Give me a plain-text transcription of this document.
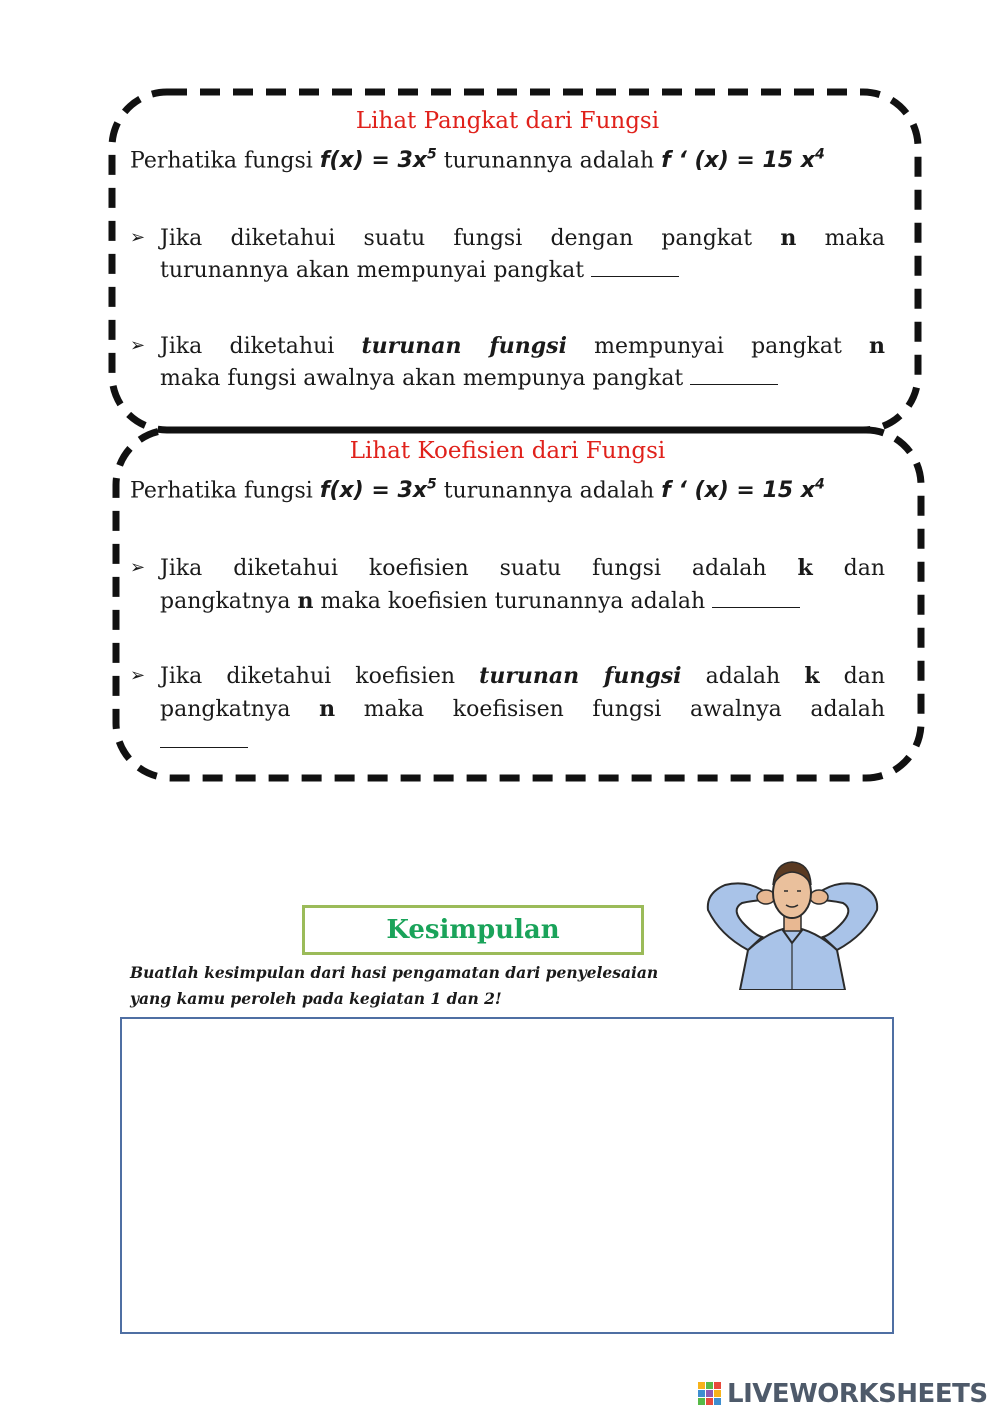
Lihat Pangkat dari Fungsi
Perhatika fungsi $f(x) = 3x^5$ turunannya adalah f ‘ (x) = 15 $x^4$
➢ Jika diketahui suatu fungsi dengan pangkat n maka
turunannya akan mempunyai pangkat
➢ Jika diketahui turunan fungsi mempunyai pangkat n
maka fungsi awalnya akan mempunya pangkat
Lihat Koefisien dari Fungsi
Perhatika fungsi $f(x) = 3x^5$ turunannya adalah f ‘ (x) = 15 $x^4$
➢ Jika diketahui koefisien suatu fungsi adalah k dan
pangkatnya n maka koefisien turunannya adalah
➢ Jika diketahui koefisien turunan fungsi adalah k dan
pangkatnya n maka koefisisen fungsi awalnya adalah
Kesimpulan
Buatlah kesimpulan dari hasi pengamatan dari penyelesaian
yang kamu peroleh pada kegiatan 1 dan 2!
LIVEWORKSHEETS
